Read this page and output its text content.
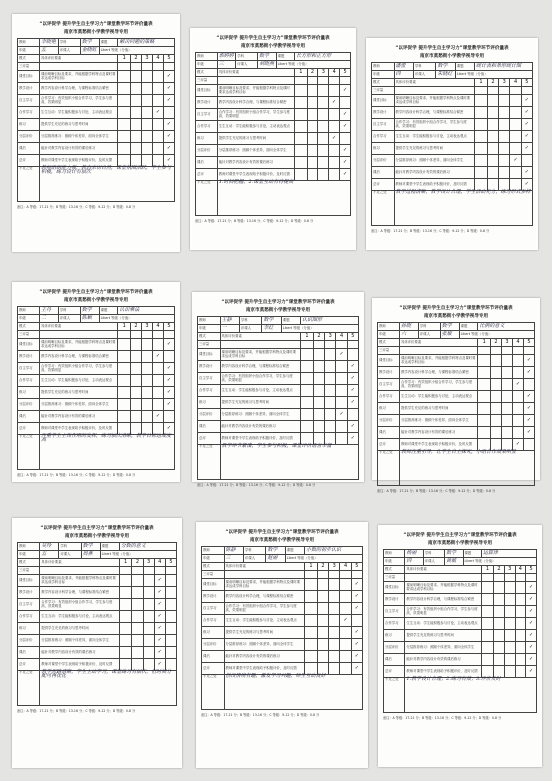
“以评促学 提升学生自主学习力”课堂教学环节评价量表
南京市莫愁街小学教学视导专用
教师	李晓艳	学科	数学	课题	解决问题的策略				
年级	五	评课人	金晓虹	Likert 等级（分值）					
模式	具体评价要素				1	2	3	4	5
三评量									
课堂目标	课前明晰目标及要求，并能根据学科特点及课时要求达成学科目标								✓
教学设计	教学内容设计科学合理，与课程标准结合紧密								✓
自主学习	合作学习：有效组织小组合作学习，学生参与度高，效果明显								✓
合作学习	生生互动：学生能积极参与讨论，主动表达观点							✓	
练习	提供学生充足的练习与思考时间								✓
分层评价	分层推荐练习：照顾个体差异，面向全体学生								✓
课后	能针对教学内容设计有效的课后练习								✓
总评	教师对课堂中学生表现给予积极评价，及时反馈								✓
不足之处	教师组织能力强，教态亲切自然，课堂氛围活跃，学生参与积极，练习设计有层次								
备注：A 等级：17-21 分；B 等级：13-16 分；C 等级：9-12 分；D 等级：0-8 分
“以评促学 提升学生自主学习力”课堂教学环节评价量表
南京市莫愁街小学教学视导专用
教师	郭婷婷	学科	数学	课题	长方形和正方形				
年级	三	评课人	刘晓燕	Likert 等级（分值）					
模式	具体评价要素				1	2	3	4	5
三评量									
课堂目标	课前明晰目标及要求，并能根据学科特点及课时要求达成学科目标								✓
教学设计	教学内容设计科学合理，与课程标准结合紧密							✓	
自主学习	合作学习：有效组织小组合作学习，学生参与度高，效果明显								✓
合作学习	生生互动：学生能积极参与讨论，主动表达观点								✓
练习	提供学生充足的练习与思考时间							✓	
分层评价	分层推荐练习：照顾个体差异，面向全体学生								✓
课后	能针对教学内容设计有效的课后练习								✓
总评	教师对课堂中学生表现给予积极评价，及时反馈								✓
不足之处	1.时间把握；2.课堂互动有待提高								
备注：A 等级：17-21 分；B 等级：13-16 分；C 等级：9-12 分；D 等级：0-8 分
“以评促学 提升学生自主学习力”课堂教学环节评价量表
南京市莫愁街小学教学视导专用
教师	潘蕾	学科	数学	课题	统计表和条形统计图				
年级	四	评课人	朱晓红	Likert 等级（分值）					
模式	具体评价要素				1	2	3	4	5
三评量									
课堂目标	课前明晰目标及要求，并能根据学科特点及课时要求达成学科目标								✓
教学设计	教学内容设计科学合理，与课程标准结合紧密								✓
自主学习	合作学习：有效组织小组合作学习，学生参与度高，效果明显								✓
合作学习	生生互动：学生能积极参与讨论，主动表达观点								✓
练习	提供学生充足的练习与思考时间								✓
分层评价	分层推荐练习：照顾个体差异，面向全体学生							✓	
课后	能针对教学内容设计有效的课后练习								✓
总评	教师对课堂中学生表现给予积极评价，及时反馈								✓
不足之处	教学过程清晰，教学设计合理，学生活动充分，练习形式多样								
备注：A 等级：17-21 分；B 等级：13-16 分；C 等级：9-12 分；D 等级：0-8 分
“以评促学 提升学生自主学习力”课堂教学环节评价量表
南京市莫愁街小学教学视导专用
教师	王丹	学科	数学	课题	认识乘法				
年级	二	评课人	陈颖	Likert 等级（分值）					
模式	具体评价要素				1	2	3	4	5
三评量									
课堂目标	课前明晰目标及要求，并能根据学科特点及课时要求达成学科目标								✓
教学设计	教学内容设计科学合理，与课程标准结合紧密							✓	
自主学习	合作学习：有效组织小组合作学习，学生参与度高，效果明显								✓
合作学习	生生互动：学生能积极参与讨论，主动表达观点								✓
练习	提供学生充足的练习与思考时间								✓
分层评价	分层推荐练习：照顾个体差异，面向全体学生								✓
课后	能针对教学内容设计有效的课后练习							✓	
总评	教师对课堂中学生表现给予积极评价，及时反馈								✓
不足之处	注重学生主体作用的发挥，练习层次清晰，教学目标达成度高								
备注：A 等级：17-21 分；B 等级：13-16 分；C 等级：9-12 分；D 等级：0-8 分
“以评促学 提升学生自主学习力”课堂教学环节评价量表
南京市莫愁街小学教学视导专用
教师	王静	学科	数学	课题	认识图形				
年级	一	评课人	李红	Likert 等级（分值）					
模式	具体评价要素				1	2	3	4	5
三评量									
课堂目标	课前明晰目标及要求，并能根据学科特点及课时要求达成学科目标							✓	
教学设计	教学内容设计科学合理，与课程标准结合紧密								✓
自主学习	合作学习：有效组织小组合作学习，学生参与度高，效果明显								✓
合作学习	生生互动：学生能积极参与讨论，主动表达观点								✓
练习	提供学生充足的练习与思考时间								✓
分层评价	分层推荐练习：照顾个体差异，面向全体学生							✓	
课后	能针对教学内容设计有效的课后练习								✓
总评	教师对课堂中学生表现给予积极评价，及时反馈								✓
不足之处	教学环节紧凑，学生参与积极，课堂评价语言丰富								
备注：A 等级：17-21 分；B 等级：13-16 分；C 等级：9-12 分；D 等级：0-8 分
“以评促学 提升学生自主学习力”课堂教学环节评价量表
南京市莫愁街小学教学视导专用
教师	孙晓	学科	数学	课题	比例的意义				
年级	六	评课人	张敏	Likert 等级（分值）					
模式	具体评价要素				1	2	3	4	5
三评量									
课堂目标	课前明晰目标及要求，并能根据学科特点及课时要求达成学科目标								✓
教学设计	教学内容设计科学合理，与课程标准结合紧密								✓
自主学习	合作学习：有效组织小组合作学习，学生参与度高，效果明显							✓	
合作学习	生生互动：学生能积极参与讨论，主动表达观点								✓
练习	提供学生充足的练习与思考时间								✓
分层评价	分层推荐练习：照顾个体差异，面向全体学生								✓
课后	能针对教学内容设计有效的课后练习								✓
总评	教师对课堂中学生表现给予积极评价，及时反馈							✓	
不足之处	教师注重引导，让学生自主探究，小组合作效果明显								
备注：A 等级：17-21 分；B 等级：13-16 分；C 等级：9-12 分；D 等级：0-8 分
“以评促学 提升学生自主学习力”课堂教学环节评价量表
南京市莫愁街小学教学视导专用
教师	吴玲	学科	数学	课题	分数的意义				
年级	五	评课人	周燕	Likert 等级（分值）					
模式	具体评价要素				1	2	3	4	5
三评量									
课堂目标	课前明晰目标及要求，并能根据学科特点及课时要求达成学科目标							✓	
教学设计	教学内容设计科学合理，与课程标准结合紧密							✓	
自主学习	合作学习：有效组织小组合作学习，学生参与度高，效果明显							✓	
合作学习	生生互动：学生能积极参与讨论，主动表达观点							✓	
练习	提供学生充足的练习与思考时间							✓	
分层评价	分层推荐练习：照顾个体差异，面向全体学生							✓	
课后	能针对教学内容设计有效的课后练习							✓	
总评	教师对课堂中学生表现给予积极评价，及时反馈							✓	
不足之处	教学思路清晰，学生主动学习，课堂练习有层次，但时间分配可再优化								
备注：A 等级：17-21 分；B 等级：13-16 分；C 等级：9-12 分；D 等级：0-8 分
“以评促学 提升学生自主学习力”课堂教学环节评价量表
南京市莫愁街小学教学视导专用
教师	陈静	学科	数学	课题	小数的初步认识				
年级	三	评课人	赵丽	Likert 等级（分值）					
模式	具体评价要素				1	2	3	4	5
三评量									
课堂目标	课前明晰目标及要求，并能根据学科特点及课时要求达成学科目标								✓
教学设计	教学内容设计科学合理，与课程标准结合紧密								✓
自主学习	合作学习：有效组织小组合作学习，学生参与度高，效果明显								✓
合作学习	生生互动：学生能积极参与讨论，主动表达观点							✓	
练习	提供学生充足的练习与思考时间								✓
分层评价	分层推荐练习：照顾个体差异，面向全体学生								✓
课后	能针对教学内容设计有效的课后练习								✓
总评	教师对课堂中学生表现给予积极评价，及时反馈								✓
不足之处	创设情境有趣，激发学习兴趣，师生互动良好								
备注：A 等级：17-21 分；B 等级：13-16 分；C 等级：9-12 分；D 等级：0-8 分
“以评促学 提升学生自主学习力”课堂教学环节评价量表
南京市莫愁街小学教学视导专用
教师	杨丽	学科	数学	课题	运算律				
年级	四	评课人	黄敏	Likert 等级（分值）					
模式	具体评价要素				1	2	3	4	5
三评量									
课堂目标	课前明晰目标及要求，并能根据学科特点及课时要求达成学科目标								✓
教学设计	教学内容设计科学合理，与课程标准结合紧密								✓
自主学习	合作学习：有效组织小组合作学习，学生参与度高，效果明显								✓
合作学习	生生互动：学生能积极参与讨论，主动表达观点								✓
练习	提供学生充足的练习与思考时间								✓
分层评价	分层推荐练习：照顾个体差异，面向全体学生								✓
课后	能针对教学内容设计有效的课后练习								✓
总评	教师对课堂中学生表现给予积极评价，及时反馈								✓
不足之处	1.教学设计合理；2.练习有效；3.评价及时								
备注：A 等级：17-21 分；B 等级：13-16 分；C 等级：9-12 分；D 等级：0-8 分
